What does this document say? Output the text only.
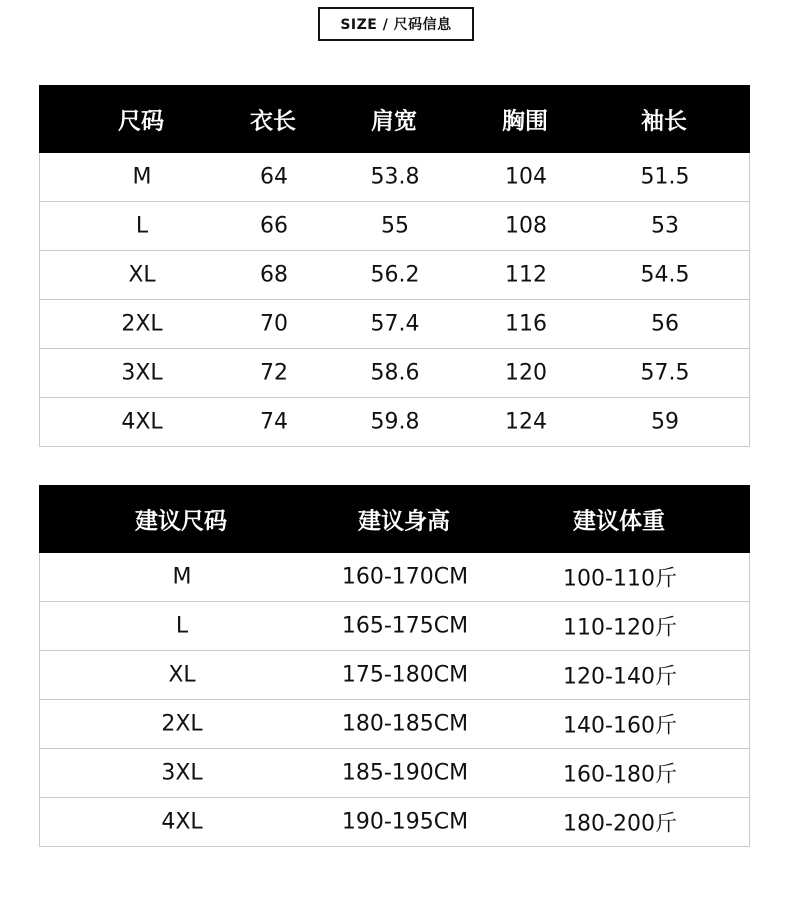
SIZE / 尺码信息
尺码	衣长	肩宽	胸围	袖长
M	64	53.8	104	51.5
L	66	55	108	53
XL	68	56.2	112	54.5
2XL	70	57.4	116	56
3XL	72	58.6	120	57.5
4XL	74	59.8	124	59
建议尺码	建议身高	建议体重
M	160-170CM	100-110斤
L	165-175CM	110-120斤
XL	175-180CM	120-140斤
2XL	180-185CM	140-160斤
3XL	185-190CM	160-180斤
4XL	190-195CM	180-200斤
